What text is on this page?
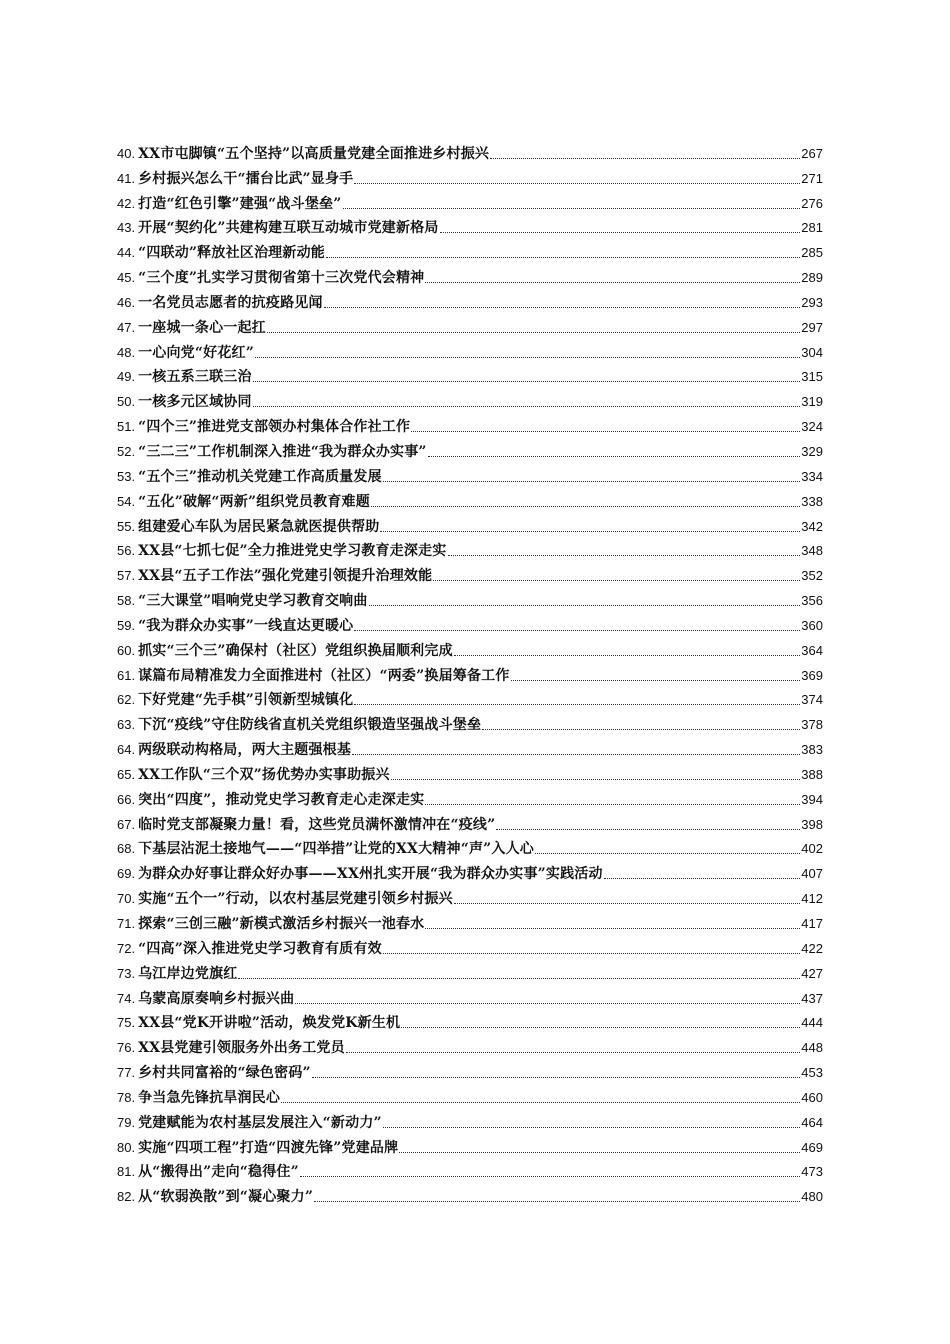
40. XX市屯脚镇“五个坚持”以高质量党建全面推进乡村振兴	267
41. 乡村振兴怎么干“擂台比武”显身手	271
42. 打造“红色引擎”建强“战斗堡垒”	276
43. 开展“契约化”共建构建互联互动城市党建新格局	281
44. “四联动”释放社区治理新动能	285
45. “三个度”扎实学习贯彻省第十三次党代会精神	289
46. 一名党员志愿者的抗疫路见闻	293
47. 一座城一条心一起扛	297
48. 一心向党“好花红”	304
49. 一核五系三联三治	315
50. 一核多元区域协同	319
51. “四个三”推进党支部领办村集体合作社工作	324
52. “三二三”工作机制深入推进“我为群众办实事”	329
53. “五个三”推动机关党建工作高质量发展	334
54. “五化”破解“两新”组织党员教育难题	338
55. 组建爱心车队为居民紧急就医提供帮助	342
56. XX县“七抓七促”全力推进党史学习教育走深走实	348
57. XX县“五子工作法”强化党建引领提升治理效能	352
58. “三大课堂”唱响党史学习教育交响曲	356
59. “我为群众办实事”一线直达更暖心	360
60. 抓实“三个三”确保村（社区）党组织换届顺利完成	364
61. 谋篇布局精准发力全面推进村（社区）“两委”换届筹备工作	369
62. 下好党建“先手棋”引领新型城镇化	374
63. 下沉“疫线”守住防线省直机关党组织锻造坚强战斗堡垒	378
64. 两级联动构格局，两大主题强根基	383
65. XX工作队“三个双”扬优势办实事助振兴	388
66. 突出“四度”，推动党史学习教育走心走深走实	394
67. 临时党支部凝聚力量！看，这些党员满怀激情冲在“疫线”	398
68. 下基层沾泥土接地气——“四举措”让党的XX大精神“声”入人心	402
69. 为群众办好事让群众好办事——XX州扎实开展“我为群众办实事”实践活动	407
70. 实施“五个一”行动，以农村基层党建引领乡村振兴	412
71. 探索“三创三融”新模式激活乡村振兴一池春水	417
72. “四高”深入推进党史学习教育有质有效	422
73. 乌江岸边党旗红	427
74. 乌蒙高原奏响乡村振兴曲	437
75. XX县“党K开讲啦”活动，焕发党K新生机	444
76. XX县党建引领服务外出务工党员	448
77. 乡村共同富裕的“绿色密码”	453
78. 争当急先锋抗旱润民心	460
79. 党建赋能为农村基层发展注入“新动力”	464
80. 实施“四项工程”打造“四渡先锋”党建品牌	469
81. 从“搬得出”走向“稳得住”	473
82. 从“软弱涣散”到“凝心聚力”	480
